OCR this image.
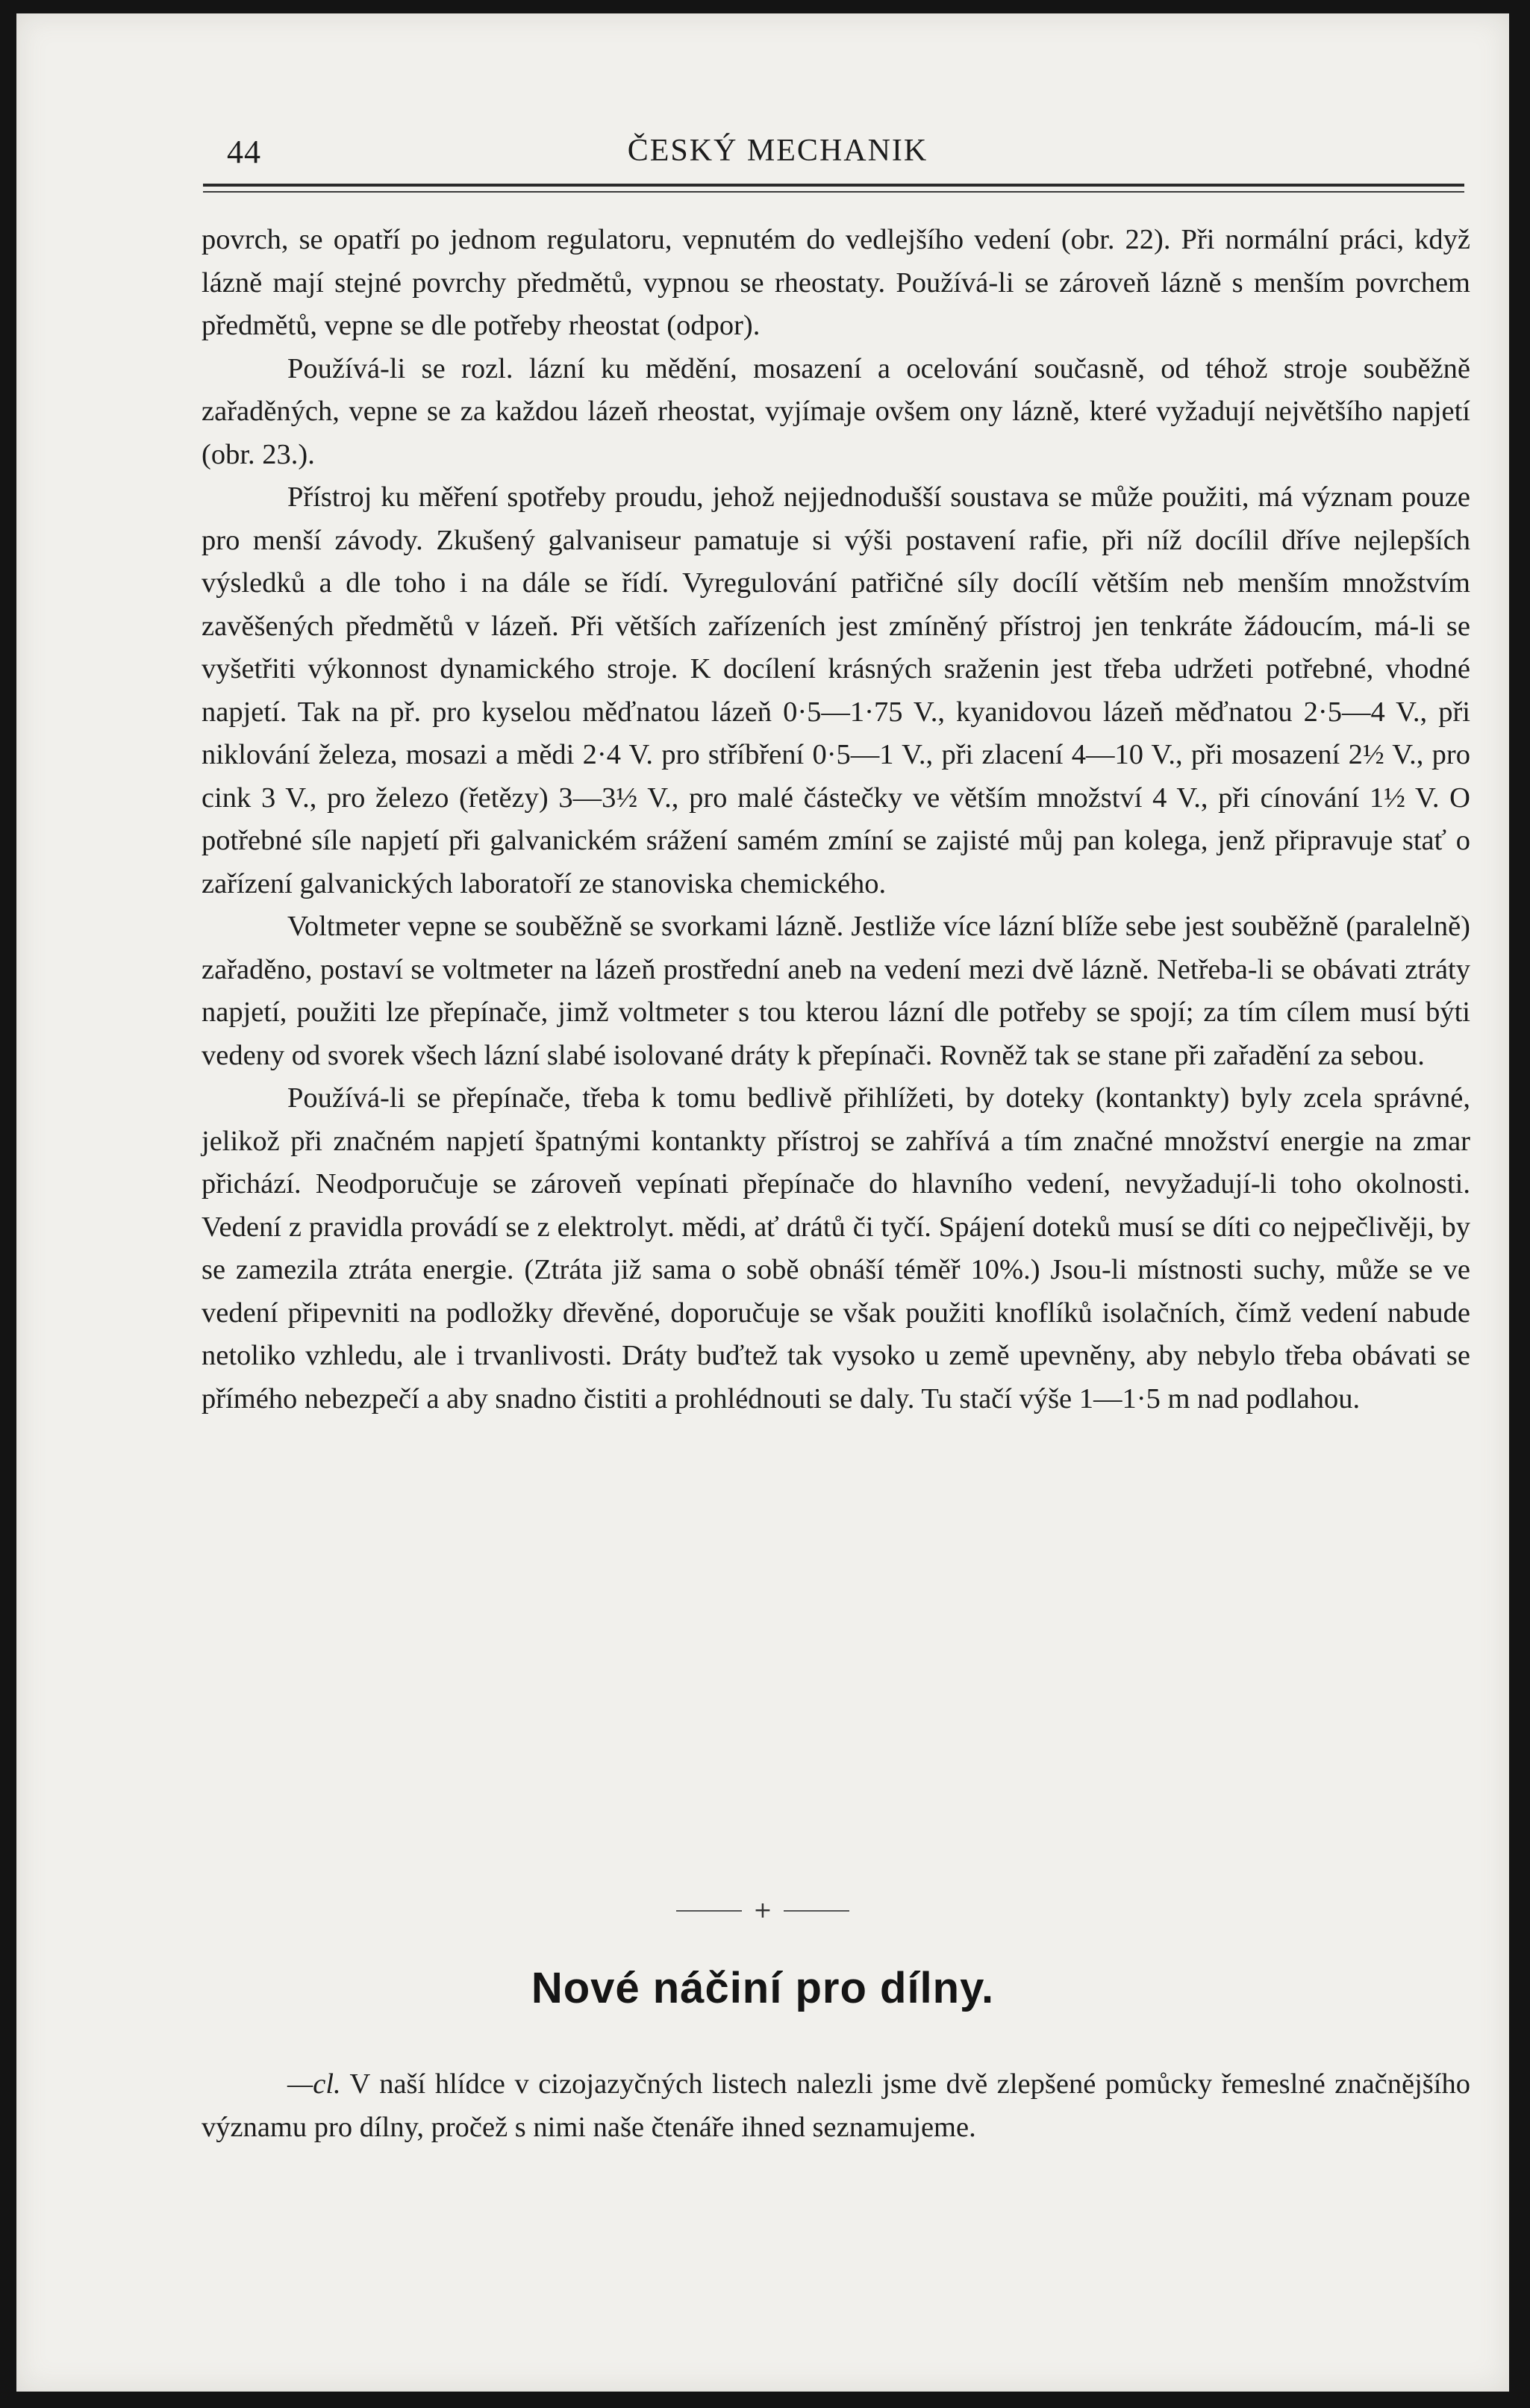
44	ČESKÝ MECHANIK

povrch, se opatří po jednom regulatoru, vepnutém do vedlejšího vedení (obr. 22). Při normální práci, když lázně mají stejné povrchy předmětů, vypnou se rheostaty. Používá-li se zároveň lázně s menším povrchem předmětů, vepne se dle potřeby rheostat (odpor).

Používá-li se rozl. lázní ku mědění, mosazení a ocelování současně, od téhož stroje souběžně zařaděných, vepne se za každou lázeň rheostat, vyjímaje ovšem ony lázně, které vyžadují největšího napjetí (obr. 23.).

Přístroj ku měření spotřeby proudu, jehož nejjednodušší soustava se může použiti, má význam pouze pro menší závody. Zkušený galvaniseur pamatuje si výši postavení rafie, při níž docílil dříve nejlepších výsledků a dle toho i na dále se řídí. Vyregulování patřičné síly docílí větším neb menším množstvím zavěšených předmětů v lázeň. Při větších zařízeních jest zmíněný přístroj jen tenkráte žádoucím, má-li se vyšetřiti výkonnost dynamického stroje. K docílení krásných sraženin jest třeba udržeti potřebné, vhodné napjetí. Tak na př. pro kyselou měďnatou lázeň 0·5—1·75 V., kyanidovou lázeň měďnatou 2·5—4 V., při niklování železa, mosazi a mědi 2·4 V. pro stříbření 0·5—1 V., při zlacení 4—10 V., při mosazení 2½ V., pro cink 3 V., pro železo (řetězy) 3—3½ V., pro malé částečky ve větším množství 4 V., při cínování 1½ V. O potřebné síle napjetí při galvanickém srážení samém zmíní se zajisté můj pan kolega, jenž připravuje stať o zařízení galvanických laboratoří ze stanoviska chemického.

Voltmeter vepne se souběžně se svorkami lázně. Jestliže více lázní blíže sebe jest souběžně (paralelně) zařaděno, postaví se voltmeter na lázeň prostřední aneb na vedení mezi dvě lázně. Netřeba-li se obávati ztráty napjetí, použiti lze přepínače, jimž voltmeter s tou kterou lázní dle potřeby se spojí; za tím cílem musí býti vedeny od svorek všech lázní slabé isolované dráty k přepínači. Rovněž tak se stane při zařadění za sebou.

Používá-li se přepínače, třeba k tomu bedlivě přihlížeti, by doteky (kontankty) byly zcela správné, jelikož při značném napjetí špatnými kontankty přístroj se zahřívá a tím značné množství energie na zmar přichází. Neodporučuje se zároveň vepínati přepínače do hlavního vedení, nevyžadují-li toho okolnosti. Vedení z pravidla provádí se z elektrolyt. mědi, ať drátů či tyčí. Spájení doteků musí se díti co nejpečlivěji, by se zamezila ztráta energie. (Ztráta již sama o sobě obnáší téměř 10%.) Jsou-li místnosti suchy, může se ve vedení připevniti na podložky dřevěné, doporučuje se však použiti knoflíků isolačních, čímž vedení nabude netoliko vzhledu, ale i trvanlivosti. Dráty buďtež tak vysoko u země upevněny, aby nebylo třeba obávati se přímého nebezpečí a aby snadno čistiti a prohlédnouti se daly. Tu stačí výše 1—1·5 m nad podlahou.

+
Nové náčiní pro dílny.

—cl. V naší hlídce v cizojazyčných listech nalezli jsme dvě zlepšené pomůcky řemeslné značnějšího významu pro dílny, pročež s nimi naše čtenáře ihned seznamujeme.
